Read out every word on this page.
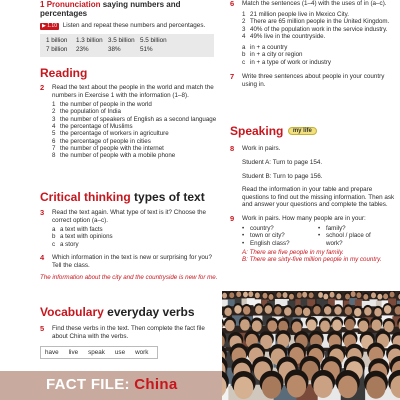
1 Pronunciation saying numbers and percentages

▶
1.10 Listen and repeat these numbers and percentages.

1 billion	1.3 billion 3.5 billion 5.5 billion
7 billion	23%	38%	51%
Reading
2	Read the text about the people in the world and match the numbers in Exercise 1 with the information (1–8).

1 the number of people in the world
2 the population of India
3 the number of speakers of English as a second language
4 the percentage of Muslims
5 the percentage of workers in agriculture
6 the percentage of people in cities
7 the number of people with the internet
8 the number of people with a mobile phone
Critical thinking types of text
3	Read the text again. What type of text is it? Choose the correct option (a–c).

a a text with facts
b a text with opinions
c a story
4	Which information in the text is new or surprising for you? Tell the class.

The information about the city and the countryside is new for me.

Vocabulary everyday verbs
5	Find these verbs in the text. Then complete the fact file about China with the verbs.

have live speak use work
FACT FILE: China
6	Match the sentences (1–4) with the uses of in (a–c).

1 21 million people live in Mexico City.
2 There are 65 million people in the United Kingdom.
3 40% of the population work in the service industry.
4 49% live in the countryside.
a in + a country
b in + a city or region
c in + a type of work or industry
7	Write three sentences about people in your country using in.

Speaking my life
8	Work in pairs.

Student A: Turn to page 154.

Student B: Turn to page 156.

Read the information in your table and prepare questions to find out the missing information. Then ask and answer your questions and complete the tables.

9	Work in pairs. How many people are in your:

• country?
• town or city?
• English class?
• family?
• school / place of work?

A: There are five people in my family.

B: There are sixty-five million people in my country.
